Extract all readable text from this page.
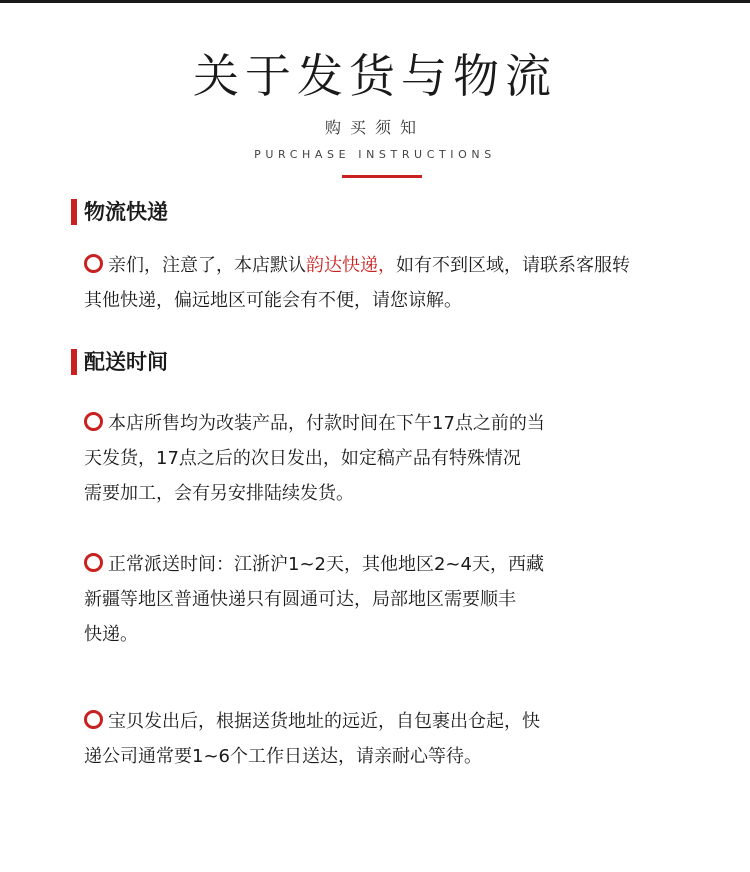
关于发货与物流
购买须知
PURCHASE INSTRUCTIONS
物流快递
亲们，注意了，本店默认韵达快递，如有不到区域，请联系客服转
其他快递，偏远地区可能会有不便，请您谅解。
配送时间
本店所售均为改装产品，付款时间在下午17点之前的当
天发货，17点之后的次日发出，如定稿产品有特殊情况
需要加工，会有另安排陆续发货。
正常派送时间：江浙沪1~2天，其他地区2~4天，西藏
新疆等地区普通快递只有圆通可达，局部地区需要顺丰
快递。
宝贝发出后，根据送货地址的远近，自包裹出仓起，快
递公司通常要1~6个工作日送达，请亲耐心等待。
